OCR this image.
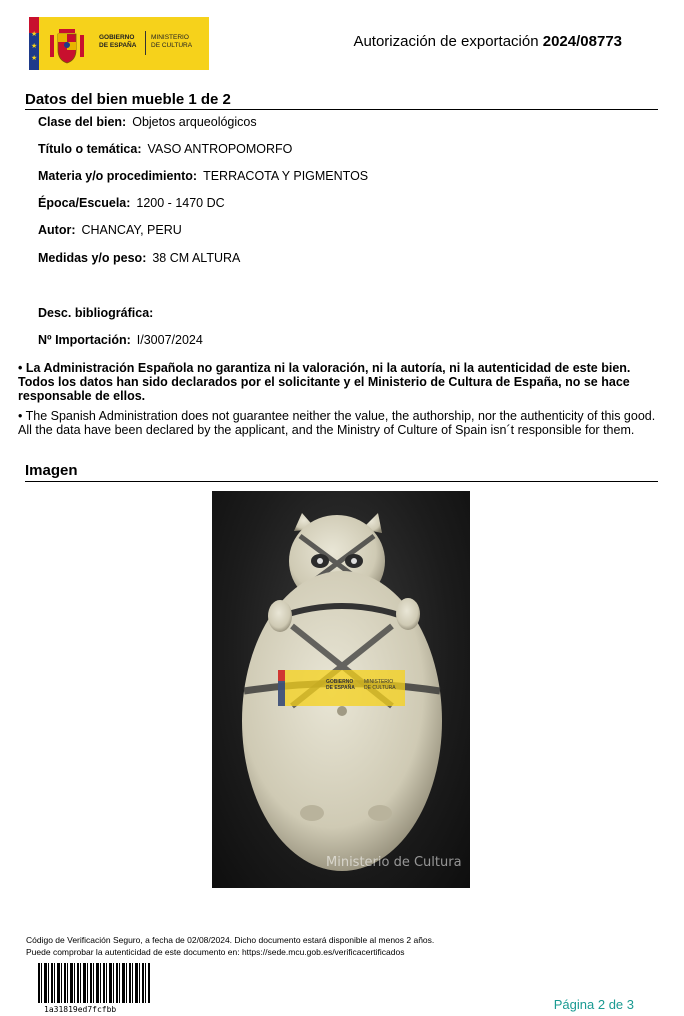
★
★
★
GOBIERNO
DE ESPAÑA
MINISTERIO
DE CULTURA	Autorización de exportación 2024/08773
Datos del bien mueble 1 de 2
Clase del bien: Objetos arqueológicos
Título o temática: VASO ANTROPOMORFO
Materia y/o procedimiento: TERRACOTA Y PIGMENTOS
Época/Escuela: 1200 - 1470 DC
Autor: CHANCAY, PERU
Medidas y/o peso: 38 CM ALTURA
Desc. bibliográfica:
Nº Importación: I/3007/2024
• La Administración Española no garantiza ni la valoración, ni la autoría, ni la autenticidad de este bien. Todos los datos han sido declarados por el solicitante y el Ministerio de Cultura de España, no se hace responsable de ellos.
• The Spanish Administration does not guarantee neither the value, the authorship, nor the authenticity of this good. All the data have been declared by the applicant, and the Ministry of Culture of Spain isn´t responsible for them.
Imagen
GOBIERNO
DE ESPAÑA
MINISTERIO
DE CULTURA
Ministerio de Cultura
Código de Verificación Seguro, a fecha de 02/08/2024. Dicho documento estará disponible al menos 2 años.
Puede comprobar la autenticidad de este documento en: https://sede.mcu.gob.es/verificacertificados
1a31819ed7fcfbb	Página 2 de 3
